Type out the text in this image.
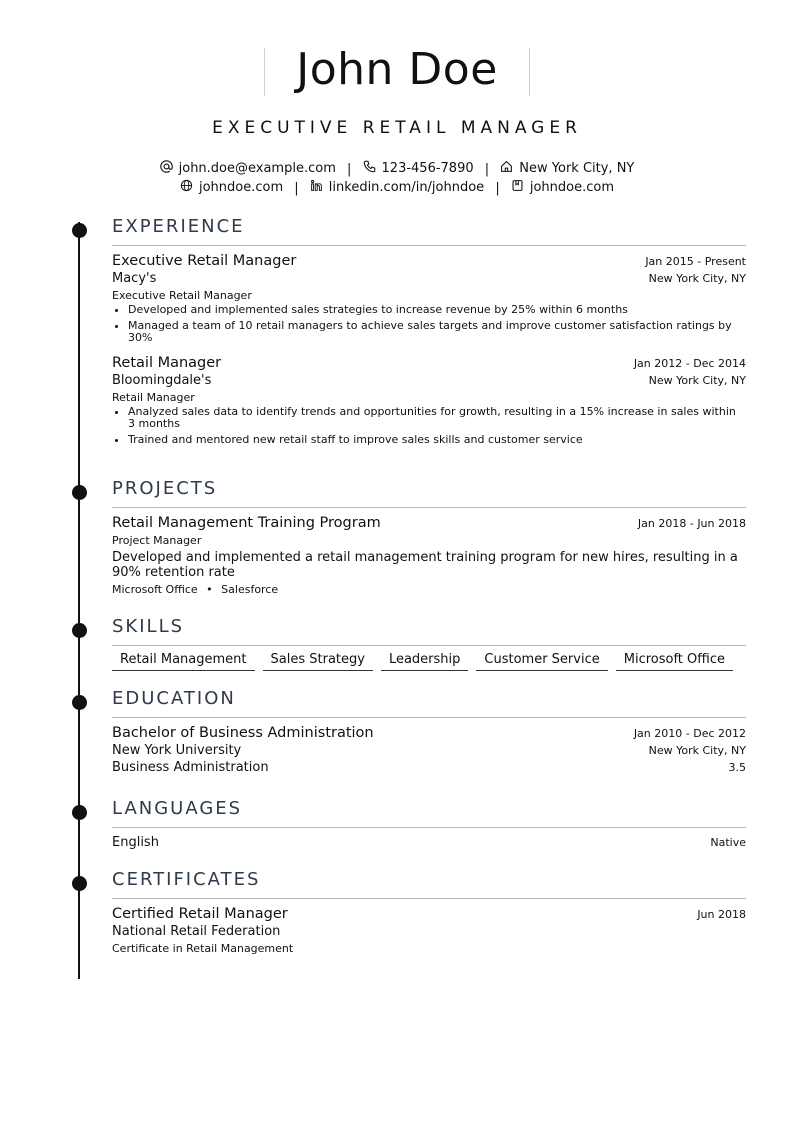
John Doe
EXECUTIVE RETAIL MANAGER
john.doe@example.com | 123-456-7890 | New York City, NY
johndoe.com | linkedin.com/in/johndoe | johndoe.com
EXPERIENCE
Executive Retail Manager	Jan 2015 - Present
Macy's	New York City, NY
Executive Retail Manager
• Developed and implemented sales strategies to increase revenue by 25% within 6 months
• Managed a team of 10 retail managers to achieve sales targets and improve customer satisfaction ratings by 30%
Retail Manager	Jan 2012 - Dec 2014
Bloomingdale's	New York City, NY
Retail Manager
• Analyzed sales data to identify trends and opportunities for growth, resulting in a 15% increase in sales within 3 months
• Trained and mentored new retail staff to improve sales skills and customer service
PROJECTS
Retail Management Training Program	Jan 2018 - Jun 2018
Project Manager
Developed and implemented a retail management training program for new hires, resulting in a 90% retention rate
Microsoft Office • Salesforce
SKILLS
Retail Management	Sales Strategy	Leadership	Customer Service	Microsoft Office
EDUCATION
Bachelor of Business Administration	Jan 2010 - Dec 2012
New York University	New York City, NY
Business Administration	3.5
LANGUAGES
English	Native
CERTIFICATES
Certified Retail Manager	Jun 2018
National Retail Federation
Certificate in Retail Management
